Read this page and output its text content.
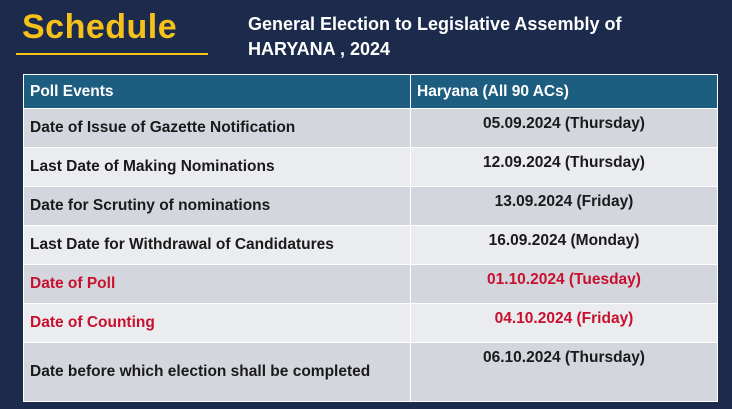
Schedule	General Election to Legislative Assembly of
HARYANA , 2024
Poll Events	Haryana (All 90 ACs)
Date of Issue of Gazette Notification	05.09.2024 (Thursday)
Last Date of Making Nominations	12.09.2024 (Thursday)
Date for Scrutiny of nominations	13.09.2024 (Friday)
Last Date for Withdrawal of Candidatures	16.09.2024 (Monday)
Date of Poll	01.10.2024 (Tuesday)
Date of Counting	04.10.2024 (Friday)
Date before which election shall be completed	06.10.2024 (Thursday)
